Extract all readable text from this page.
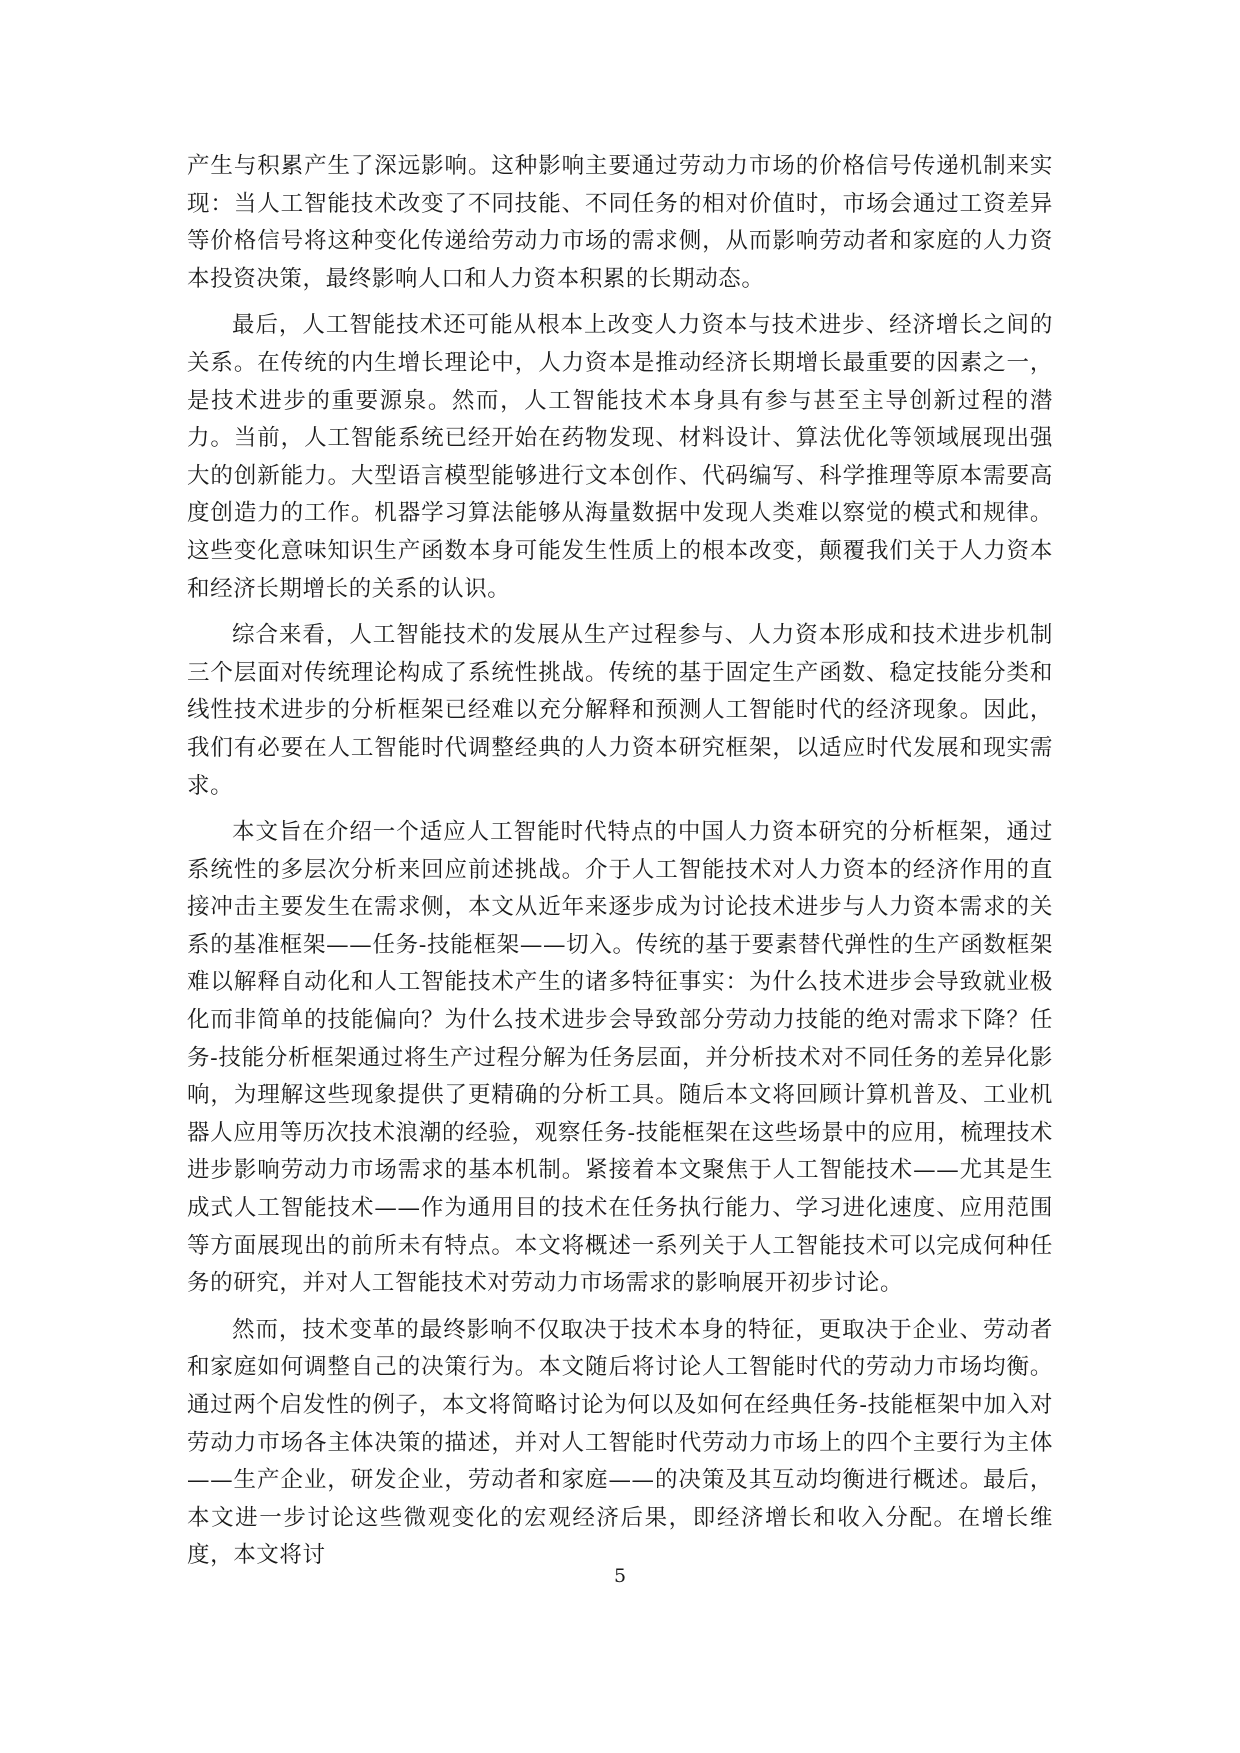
产生与积累产生了深远影响。这种影响主要通过劳动力市场的价格信号传递机制来实现：当人工智能技术改变了不同技能、不同任务的相对价值时，市场会通过工资差异等价格信号将这种变化传递给劳动力市场的需求侧，从而影响劳动者和家庭的人力资本投资决策，最终影响人口和人力资本积累的长期动态。

最后，人工智能技术还可能从根本上改变人力资本与技术进步、经济增长之间的关系。在传统的内生增长理论中，人力资本是推动经济长期增长最重要的因素之一，是技术进步的重要源泉。然而，人工智能技术本身具有参与甚至主导创新过程的潜力。当前，人工智能系统已经开始在药物发现、材料设计、算法优化等领域展现出强大的创新能力。大型语言模型能够进行文本创作、代码编写、科学推理等原本需要高度创造力的工作。机器学习算法能够从海量数据中发现人类难以察觉的模式和规律。这些变化意味知识生产函数本身可能发生性质上的根本改变，颠覆我们关于人力资本和经济长期增长的关系的认识。

综合来看，人工智能技术的发展从生产过程参与、人力资本形成和技术进步机制三个层面对传统理论构成了系统性挑战。传统的基于固定生产函数、稳定技能分类和线性技术进步的分析框架已经难以充分解释和预测人工智能时代的经济现象。因此，我们有必要在人工智能时代调整经典的人力资本研究框架，以适应时代发展和现实需求。

本文旨在介绍一个适应人工智能时代特点的中国人力资本研究的分析框架，通过系统性的多层次分析来回应前述挑战。介于人工智能技术对人力资本的经济作用的直接冲击主要发生在需求侧，本文从近年来逐步成为讨论技术进步与人力资本需求的关系的基准框架——任务-技能框架——切入。传统的基于要素替代弹性的生产函数框架难以解释自动化和人工智能技术产生的诸多特征事实：为什么技术进步会导致就业极化而非简单的技能偏向？为什么技术进步会导致部分劳动力技能的绝对需求下降？任务-技能分析框架通过将生产过程分解为任务层面，并分析技术对不同任务的差异化影响，为理解这些现象提供了更精确的分析工具。随后本文将回顾计算机普及、工业机器人应用等历次技术浪潮的经验，观察任务-技能框架在这些场景中的应用，梳理技术进步影响劳动力市场需求的基本机制。紧接着本文聚焦于人工智能技术——尤其是生成式人工智能技术——作为通用目的技术在任务执行能力、学习进化速度、应用范围等方面展现出的前所未有特点。本文将概述一系列关于人工智能技术可以完成何种任务的研究，并对人工智能技术对劳动力市场需求的影响展开初步讨论。

然而，技术变革的最终影响不仅取决于技术本身的特征，更取决于企业、劳动者和家庭如何调整自己的决策行为。本文随后将讨论人工智能时代的劳动力市场均衡。通过两个启发性的例子，本文将简略讨论为何以及如何在经典任务-技能框架中加入对劳动力市场各主体决策的描述，并对人工智能时代劳动力市场上的四个主要行为主体——生产企业，研发企业，劳动者和家庭——的决策及其互动均衡进行概述。最后，本文进一步讨论这些微观变化的宏观经济后果，即经济增长和收入分配。在增长维度，本文将讨

5
